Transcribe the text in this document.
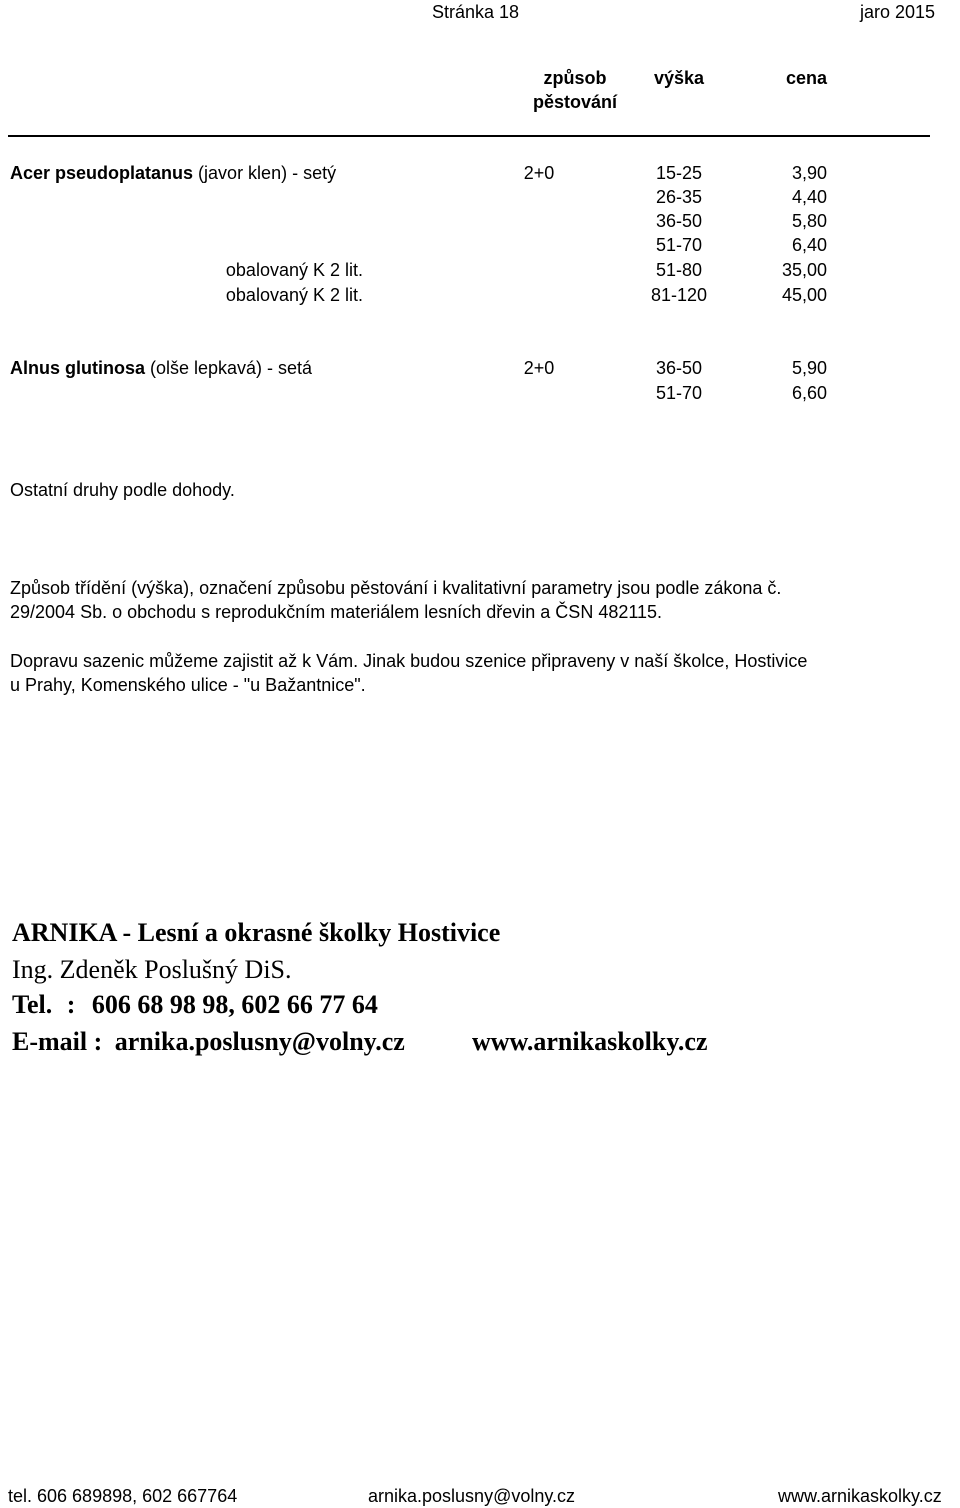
Stránka 18	jaro 2015
způsob
pěstování
výška	cena
Acer pseudoplatanus (javor klen) - setý	2+0	15-25	3,90
26-35	4,40
36-50	5,80
51-70	6,40
obalovaný K 2 lit.	51-80	35,00
obalovaný K 2 lit.	81-120	45,00
Alnus glutinosa (olše lepkavá) - setá	2+0	36-50	5,90
51-70	6,60
Ostatní druhy podle dohody.
Způsob třídění (výška), označení způsobu pěstování i kvalitativní parametry jsou podle zákona č. 29/2004 Sb. o obchodu s reprodukčním materiálem lesních dřevin a ČSN 482115.
Dopravu sazenic můžeme zajistit až k Vám. Jinak budou szenice připraveny v naší školce, Hostivice u Prahy, Komenského ulice - "u Bažantnice".
ARNIKA - Lesní a okrasné školky Hostivice
Ing. Zdeněk Poslušný DiS.
Tel. : 606 68 98 98, 602 66 77 64
E-mail : arnika.poslusny@volny.cz	www.arnikaskolky.cz
tel. 606 689898, 602 667764	arnika.poslusny@volny.cz	www.arnikaskolky.cz
